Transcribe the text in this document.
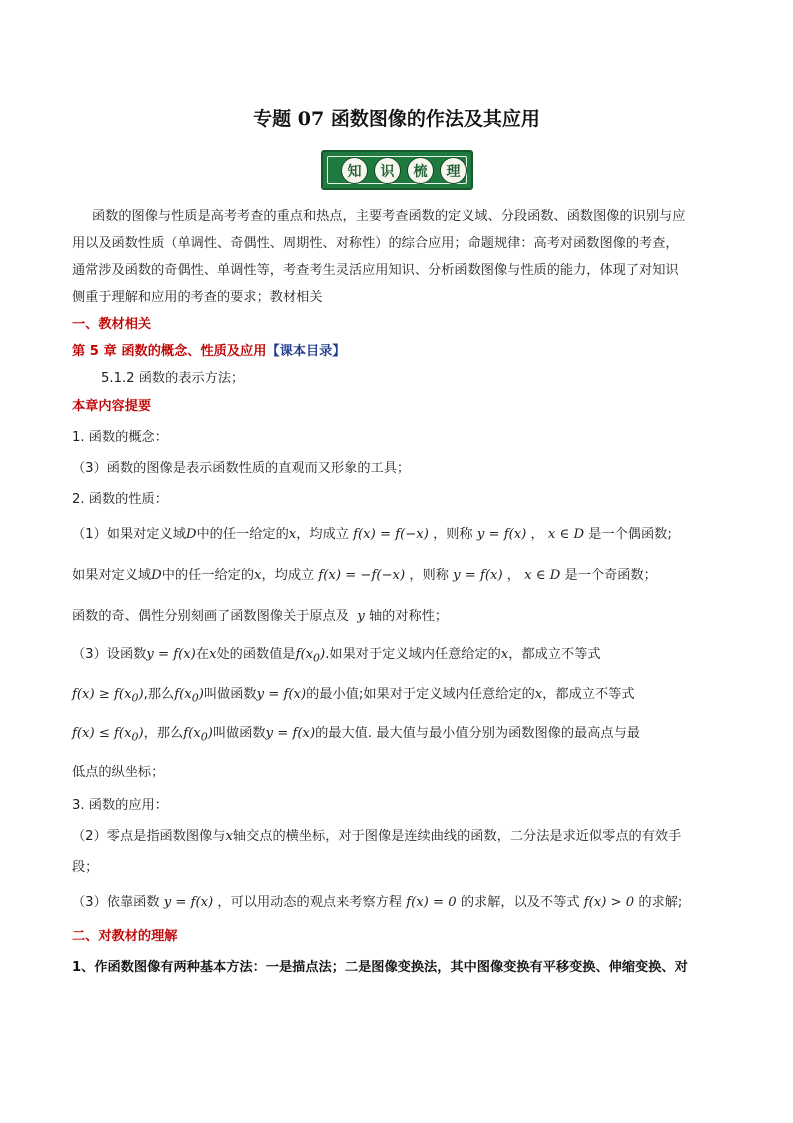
专题 07 函数图像的作法及其应用
知	识	梳	理
函数的图像与性质是高考考查的重点和热点，主要考查函数的定义域、分段函数、函数图像的识别与应
用以及函数性质（单调性、奇偶性、周期性、对称性）的综合应用；命题规律：高考对函数图像的考查，
通常涉及函数的奇偶性、单调性等，考查考生灵活应用知识、分析函数图像与性质的能力，体现了对知识
侧重于理解和应用的考查的要求；教材相关
一、教材相关
第 5 章 函数的概念、性质及应用【课本目录】
5.1.2 函数的表示方法；
本章内容提要
1. 函数的概念：
（3）函数的图像是表示函数性质的直观而又形象的工具；
2. 函数的性质：
（1）如果对定义域D中的任一给定的x，均成立 f(x) = f(−x) ，则称 y = f(x) ， x ∈ D 是一个偶函数;
如果对定义域D中的任一给定的x，均成立 f(x) = −f(−x) ，则称 y = f(x) ， x ∈ D 是一个奇函数；
函数的奇、偶性分别刻画了函数图像关于原点及  y 轴的对称性；
（3）设函数y = f(x)在x处的函数值是$f(x_0)$.如果对于定义域内任意给定的x，都成立不等式
$f(x) \ge f(x_0)$,那么$f(x_0)$叫做函数y = f(x)的最小值;如果对于定义域内任意给定的x，都成立不等式
$f(x) \le f(x_0)$，那么$f(x_0)$叫做函数y = f(x)的最大值. 最大值与最小值分别为函数图像的最高点与最
低点的纵坐标；
3. 函数的应用：
（2）零点是指函数图像与x轴交点的横坐标，对于图像是连续曲线的函数，二分法是求近似零点的有效手
段；
（3）依靠函数 y = f(x) ，可以用动态的观点来考察方程 f(x) = 0 的求解，以及不等式 f(x) > 0 的求解;
二、对教材的理解
1、作函数图像有两种基本方法：一是描点法；二是图像变换法，其中图像变换有平移变换、伸缩变换、对
